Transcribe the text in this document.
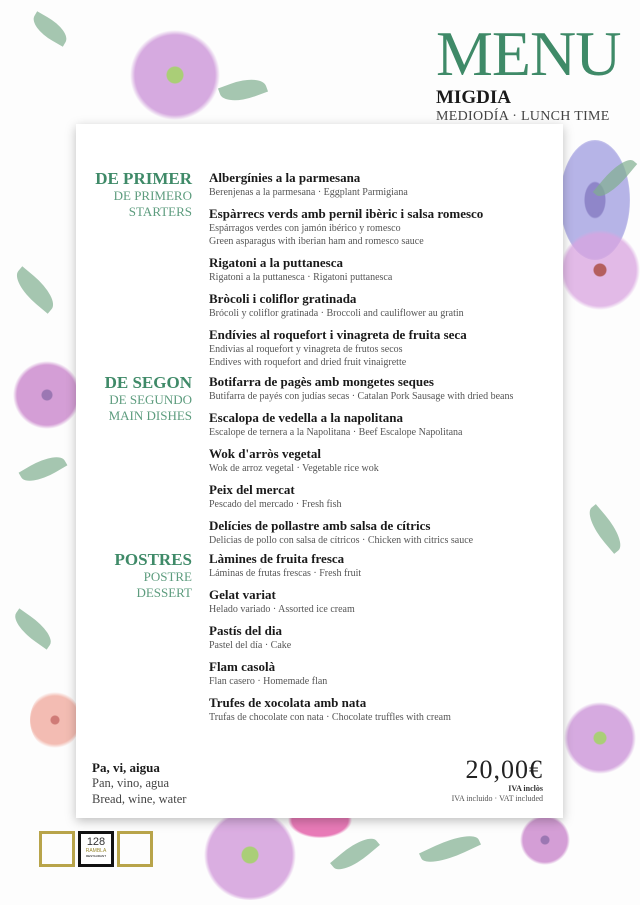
MENU
MIGDIA
MEDIODÍA · LUNCH TIME
DE PRIMER
DE PRIMERO
STARTERS
Albergínies a la parmesana
Berenjenas a la parmesana · Eggplant Parmigiana
Espàrrecs verds amb pernil ibèric i salsa romesco
Espárragos verdes con jamón ibérico y romesco
Green asparagus with iberian ham and romesco sauce
Rigatoni a la puttanesca
Rigatoni a la puttanesca · Rigatoni puttanesca
Bròcoli i coliflor gratinada
Brócoli y coliflor gratinada · Broccoli and cauliflower au gratin
Endívies al roquefort i vinagreta de fruita seca
Endivias al roquefort y vinagreta de frutos secos
Endives with roquefort and dried fruit vinaigrette
DE SEGON
DE SEGUNDO
MAIN DISHES
Botifarra de pagès amb mongetes seques
Butifarra de payés con judías secas · Catalan Pork Sausage with dried beans
Escalopa de vedella a la napolitana
Escalope de ternera a la Napolitana · Beef Escalope Napolitana
Wok d'arròs vegetal
Wok de arroz vegetal · Vegetable rice wok
Peix del mercat
Pescado del mercado · Fresh fish
Delícies de pollastre amb salsa de cítrics
Delicias de pollo con salsa de cítricos · Chicken with citrics sauce
POSTRES
POSTRE
DESSERT
Làmines de fruita fresca
Láminas de frutas frescas · Fresh fruit
Gelat variat
Helado variado · Assorted ice cream
Pastís del dia
Pastel del día · Cake
Flam casolà
Flan casero · Homemade flan
Trufes de xocolata amb nata
Trufas de chocolate con nata · Chocolate truffles with cream
Pa, vi, aigua
Pan, vino, agua
Bread, wine, water
20,00€
IVA inclòs
IVA incluido · VAT included
128
RAMBLA
RESTAURANT
